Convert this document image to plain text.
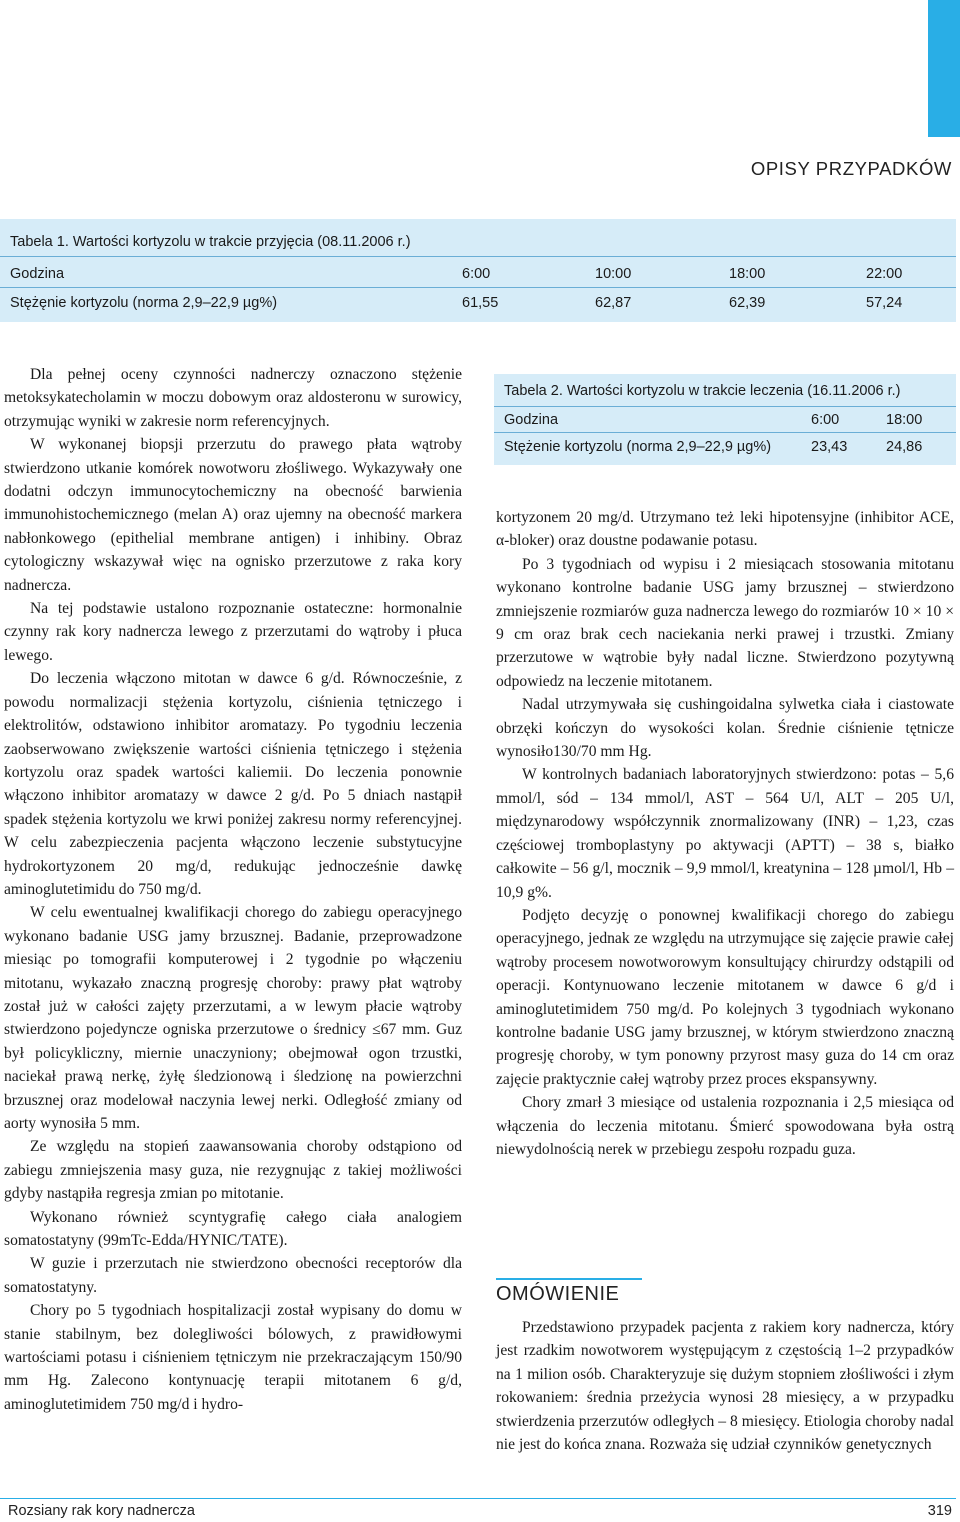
OPISY PRZYPADKÓW
Tabela 1. Wartości kortyzolu w trakcie przyjęcia (08.11.2006 r.)
Godzina	6:00	10:00	18:00	22:00
Stężęnie kortyzolu (norma 2,9–22,9 µg%)	61,55	62,87	62,39	57,24
Tabela 2. Wartości kortyzolu w trakcie leczenia (16.11.2006 r.)
Godzina	6:00	18:00
Stężenie kortyzolu (norma 2,9–22,9 µg%)	23,43	24,86

Dla pełnej oceny czynności nadnerczy oznaczono stężenie metoksykatecholamin w moczu dobowym oraz aldosteronu w surowicy, otrzymując wyniki w zakresie norm referencyjnych.

W wykonanej biopsji przerzutu do prawego płata wątroby stwierdzono utkanie komórek nowotworu złośliwego. Wykazywały one dodatni odczyn immunocytochemiczny na obecność barwienia immunohistochemicznego (melan A) oraz ujemny na obecność markera nabłonkowego (epithelial membrane antigen) i inhibiny. Obraz cytologiczny wskazywał więc na ognisko przerzutowe z raka kory nadnercza.

Na tej podstawie ustalono rozpoznanie ostateczne: hormonalnie czynny rak kory nadnercza lewego z przerzutami do wątroby i płuca lewego.

Do leczenia włączono mitotan w dawce 6 g/d. Równocześnie, z powodu normalizacji stężenia kortyzolu, ciśnienia tętniczego i elektrolitów, odstawiono inhibitor aromatazy. Po tygodniu leczenia zaobserwowano zwiększenie wartości ciśnienia tętniczego i stężenia kortyzolu oraz spadek wartości kaliemii. Do leczenia ponownie włączono inhibitor aromatazy w dawce 2 g/d. Po 5 dniach nastąpił spadek stężenia kortyzolu we krwi poniżej zakresu normy referencyjnej. W celu zabezpieczenia pacjenta włączono leczenie substytucyjne hydrokortyzonem 20 mg/d, redukując jednocześnie dawkę aminoglutetimidu do 750 mg/d.

W celu ewentualnej kwalifikacji chorego do zabiegu operacyjnego wykonano badanie USG jamy brzusznej. Badanie, przeprowadzone miesiąc po tomografii komputerowej i 2 tygodnie po włączeniu mitotanu, wykazało znaczną progresję choroby: prawy płat wątroby został już w całości zajęty przerzutami, a w lewym płacie wątroby stwierdzono pojedyncze ogniska przerzutowe o średnicy ≤67 mm. Guz był policykliczny, miernie unaczyniony; obejmował ogon trzustki, naciekał prawą nerkę, żyłę śledzionową i śledzionę na powierzchni brzusznej oraz modelował naczynia lewej nerki. Odległość zmiany od aorty wynosiła 5 mm.

Ze względu na stopień zaawansowania choroby odstąpiono od zabiegu zmniejszenia masy guza, nie rezygnując z takiej możliwości gdyby nastąpiła regresja zmian po mitotanie.

Wykonano również scyntygrafię całego ciała analogiem somatostatyny (99mTc-Edda/HYNIC/TATE).

W guzie i przerzutach nie stwierdzono obecności receptorów dla somatostatyny.

Chory po 5 tygodniach hospitalizacji został wypisany do domu w stanie stabilnym, bez dolegliwości bólowych, z prawidłowymi wartościami potasu i ciśnieniem tętniczym nie przekraczającym 150/90 mm Hg. Zalecono kontynuację terapii mitotanem 6 g/d, aminoglutetimidem 750 mg/d i hydro-

kortyzonem 20 mg/d. Utrzymano też leki hipotensyjne (inhibitor ACE, α-bloker) oraz doustne podawanie potasu.

Po 3 tygodniach od wypisu i 2 miesiącach stosowania mitotanu wykonano kontrolne badanie USG jamy brzusznej – stwierdzono zmniejszenie rozmiarów guza nadnercza lewego do rozmiarów 10 × 10 × 9 cm oraz brak cech naciekania nerki prawej i trzustki. Zmiany przerzutowe w wątrobie były nadal liczne. Stwierdzono pozytywną odpowiedz na leczenie mitotanem.

Nadal utrzymywała się cushingoidalna sylwetka ciała i ciastowate obrzęki kończyn do wysokości kolan. Średnie ciśnienie tętnicze wynosiło130/70 mm Hg.

W kontrolnych badaniach laboratoryjnych stwierdzono: potas – 5,6 mmol/l, sód – 134 mmol/l, AST – 564 U/l, ALT – 205 U/l, międzynarodowy współczynnik znormalizowany (INR) – 1,23, czas częściowej tromboplastyny po aktywacji (APTT) – 38 s, białko całkowite – 56 g/l, mocznik – 9,9 mmol/l, kreatynina – 128 µmol/l, Hb – 10,9 g%.

Podjęto decyzję o ponownej kwalifikacji chorego do zabiegu operacyjnego, jednak ze względu na utrzymujące się zajęcie prawie całej wątroby procesem nowotworowym konsultujący chirurdzy odstąpili od operacji. Kontynuowano leczenie mitotanem w dawce 6 g/d i aminoglutetimidem 750 mg/d. Po kolejnych 3 tygodniach wykonano kontrolne badanie USG jamy brzusznej, w którym stwierdzono znaczną progresję choroby, w tym ponowny przyrost masy guza do 14 cm oraz zajęcie praktycznie całej wątroby przez proces ekspansywny.

Chory zmarł 3 miesiące od ustalenia rozpoznania i 2,5 miesiąca od włączenia do leczenia mitotanu. Śmierć spowodowana była ostrą niewydolnością nerek w przebiegu zespołu rozpadu guza.

OMÓWIENIE

Przedstawiono przypadek pacjenta z rakiem kory nadnercza, który jest rzadkim nowotworem występującym z częstością 1–2 przypadków na 1 milion osób. Charakteryzuje się dużym stopniem złośliwości i złym rokowaniem: średnia przeżycia wynosi 28 miesięcy, a w przypadku stwierdzenia przerzutów odległych – 8 miesięcy. Etiologia choroby nadal nie jest do końca znana. Rozważa się udział czynników genetycznych

Rozsiany rak kory nadnercza	319
